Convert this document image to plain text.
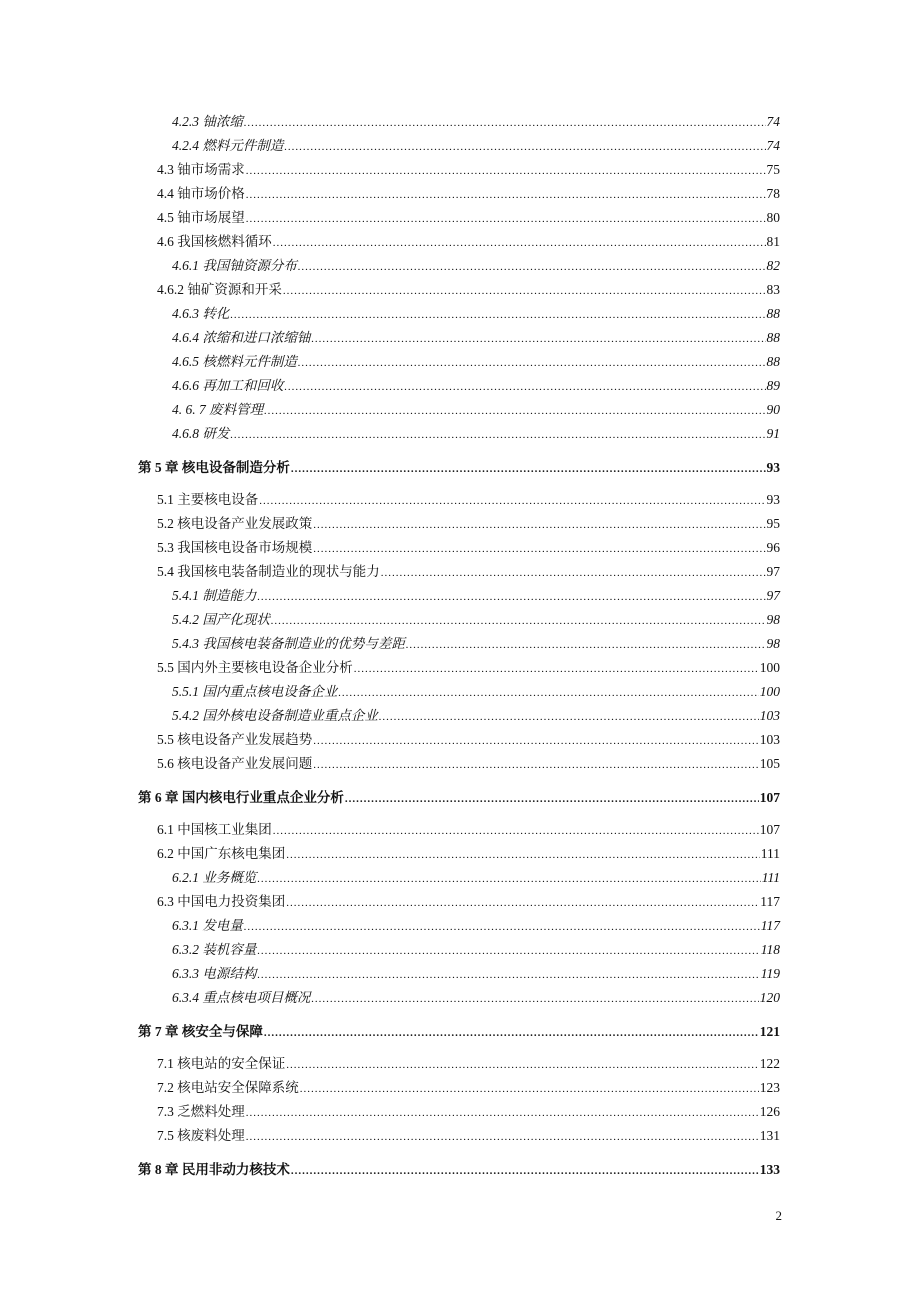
4.2.3 铀浓缩 .....	74
4.2.4 燃料元件制造 .....	74
4.3 铀市场需求 .....	75
4.4 铀市场价格 .....	78
4.5 铀市场展望 .....	80
4.6 我国核燃料循环 .....	81
4.6.1 我国铀资源分布 .....	82
4.6.2 铀矿资源和开采 .....	83
4.6.3 转化 .....	88
4.6.4 浓缩和进口浓缩铀 .....	88
4.6.5 核燃料元件制造 .....	88
4.6.6 再加工和回收 .....	89
4. 6. 7 废料管理 .....	90
4.6.8 研发 .....	91
第 5 章 核电设备制造分析 .....	93
5.1 主要核电设备 .....	93
5.2 核电设备产业发展政策 .....	95
5.3 我国核电设备市场规模 .....	96
5.4 我国核电装备制造业的现状与能力 .....	97
5.4.1 制造能力 .....	97
5.4.2 国产化现状 .....	98
5.4.3 我国核电装备制造业的优势与差距 .....	98
5.5 国内外主要核电设备企业分析 .....	100
5.5.1 国内重点核电设备企业 .....	100
5.4.2 国外核电设备制造业重点企业 .....	103
5.5 核电设备产业发展趋势 .....	103
5.6 核电设备产业发展问题 .....	105
第 6 章 国内核电行业重点企业分析 .....	107
6.1 中国核工业集团 .....	107
6.2 中国广东核电集团 .....	111
6.2.1 业务概览 .....	111
6.3 中国电力投资集团 .....	117
6.3.1 发电量 .....	117
6.3.2 装机容量 .....	118
6.3.3 电源结构 .....	119
6.3.4 重点核电项目概况 .....	120
第 7 章 核安全与保障 .....	121
7.1 核电站的安全保证 .....	122
7.2 核电站安全保障系统 .....	123
7.3 乏燃料处理 .....	126
7.5 核废料处理 .....	131
第 8 章 民用非动力核技术 .....	133
2
